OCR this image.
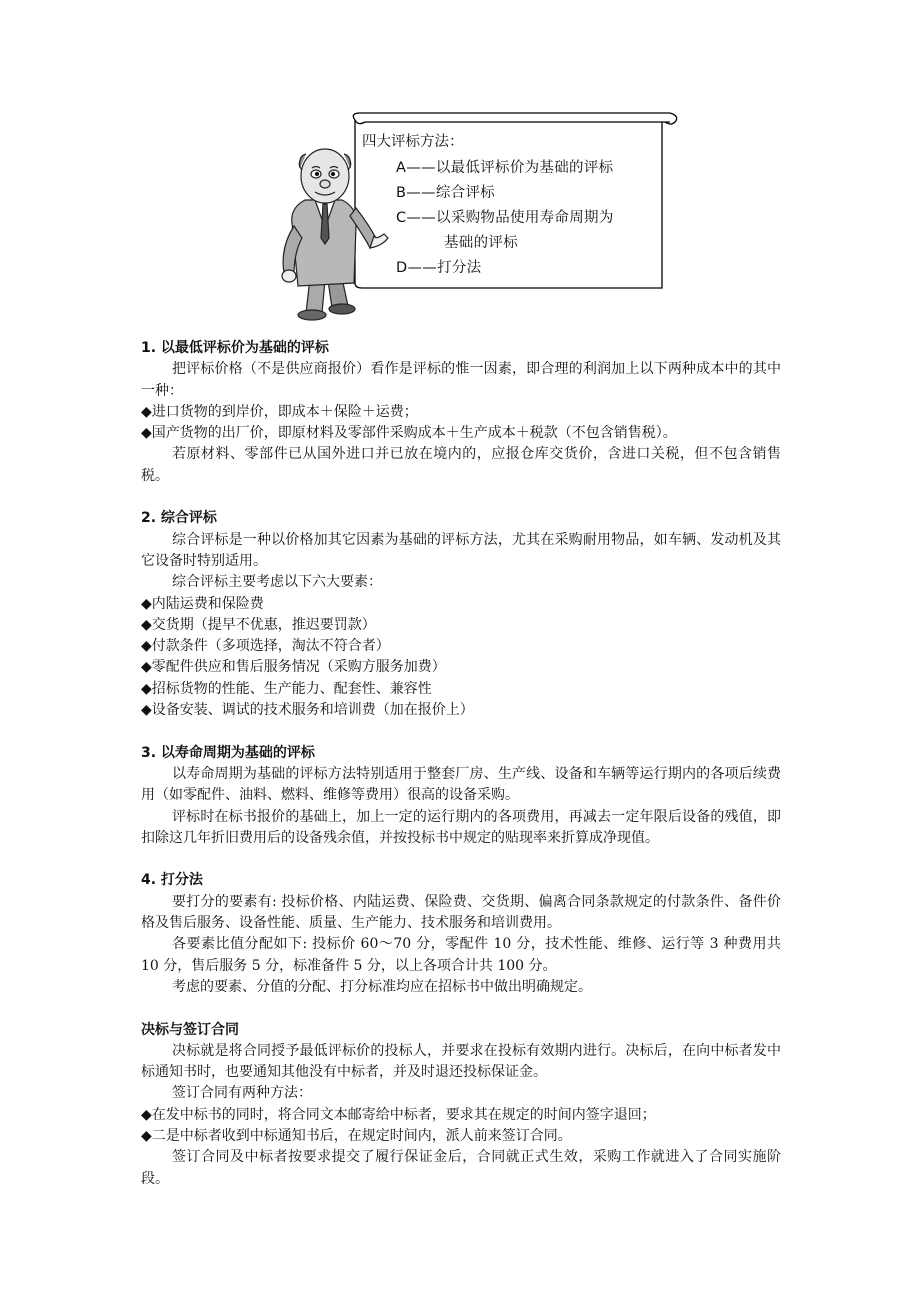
四大评标方法：
A——以最低评标价为基础的评标
B——综合评标
C——以采购物品使用寿命周期为
基础的评标
D——打分法

1. 以最低评标价为基础的评标

把评标价格（不是供应商报价）看作是评标的惟一因素，即合理的利润加上以下两种成本中的其中一种：

◆进口货物的到岸价，即成本＋保险＋运费；

◆国产货物的出厂价，即原材料及零部件采购成本＋生产成本＋税款（不包含销售税）。

若原材料、零部件已从国外进口并已放在境内的，应报仓库交货价，含进口关税，但不包含销售税。

2. 综合评标

综合评标是一种以价格加其它因素为基础的评标方法，尤其在采购耐用物品，如车辆、发动机及其它设备时特别适用。

综合评标主要考虑以下六大要素：

◆内陆运费和保险费

◆交货期（提早不优惠，推迟要罚款）

◆付款条件（多项选择，淘汰不符合者）

◆零配件供应和售后服务情况（采购方服务加费）

◆招标货物的性能、生产能力、配套性、兼容性

◆设备安装、调试的技术服务和培训费（加在报价上）

3. 以寿命周期为基础的评标

以寿命周期为基础的评标方法特别适用于整套厂房、生产线、设备和车辆等运行期内的各项后续费用（如零配件、油料、燃料、维修等费用）很高的设备采购。

评标时在标书报价的基础上，加上一定的运行期内的各项费用，再减去一定年限后设备的残值，即扣除这几年折旧费用后的设备残余值，并按投标书中规定的贴现率来折算成净现值。

4. 打分法

要打分的要素有: 投标价格、内陆运费、保险费、交货期、偏离合同条款规定的付款条件、备件价格及售后服务、设备性能、质量、生产能力、技术服务和培训费用。

各要素比值分配如下: 投标价 60～70 分，零配件 10 分，技术性能、维修、运行等 3 种费用共 10 分，售后服务 5 分，标准备件 5 分，以上各项合计共 100 分。

考虑的要素、分值的分配、打分标准均应在招标书中做出明确规定。

决标与签订合同

决标就是将合同授予最低评标价的投标人，并要求在投标有效期内进行。决标后，在向中标者发中标通知书时，也要通知其他没有中标者，并及时退还投标保证金。

签订合同有两种方法：

◆在发中标书的同时，将合同文本邮寄给中标者，要求其在规定的时间内签字退回；

◆二是中标者收到中标通知书后，在规定时间内，派人前来签订合同。

签订合同及中标者按要求提交了履行保证金后，合同就正式生效，采购工作就进入了合同实施阶段。
